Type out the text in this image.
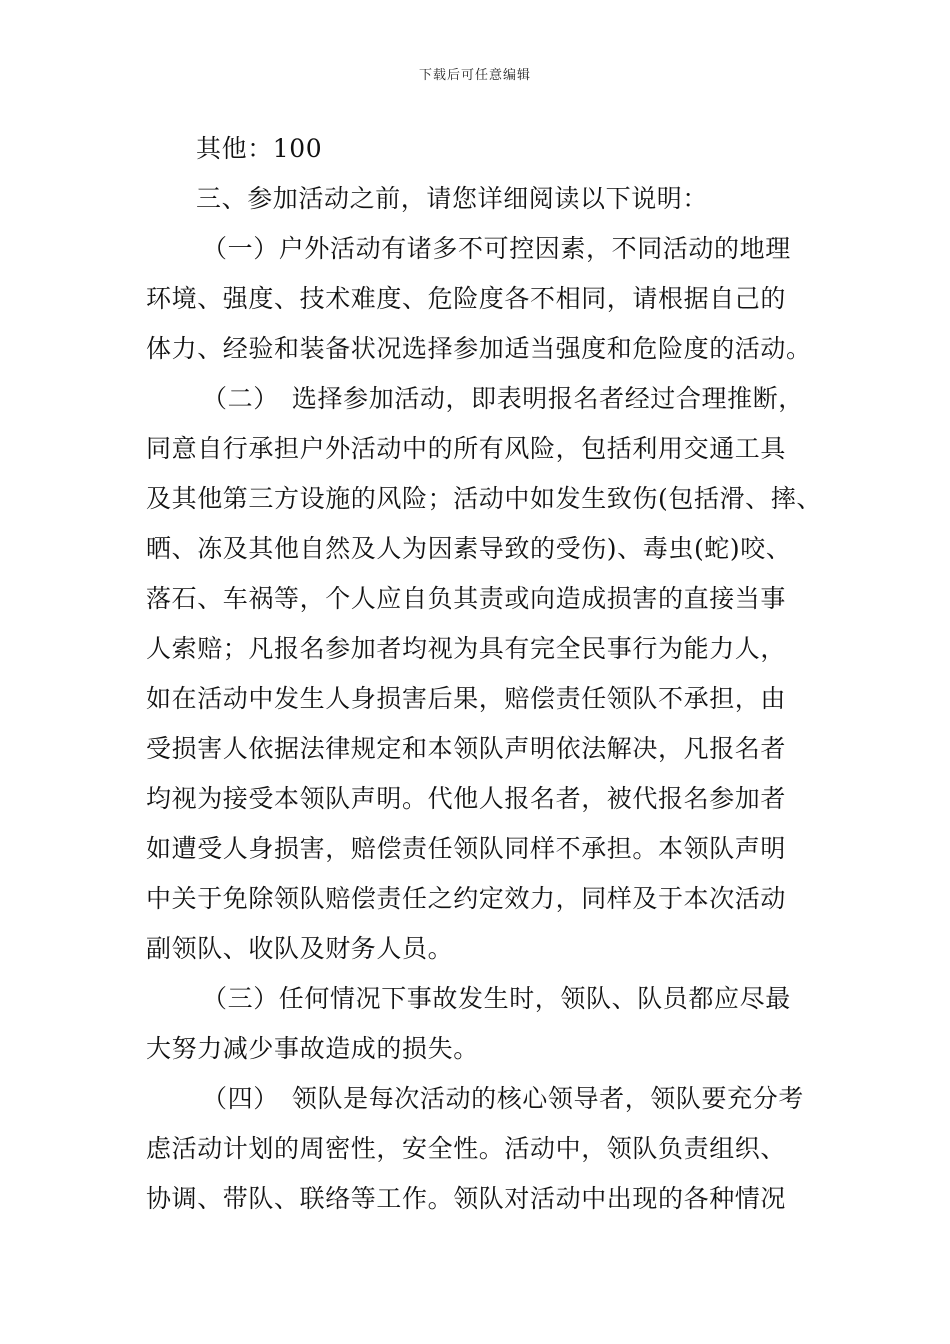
下载后可任意编辑
其他：100
三、参加活动之前，请您详细阅读以下说明：
（一）户外活动有诸多不可控因素，不同活动的地理
环境、强度、技术难度、危险度各不相同，请根据自己的
体力、经验和装备状况选择参加适当强度和危险度的活动。
（二）　选择参加活动，即表明报名者经过合理推断，
同意自行承担户外活动中的所有风险，包括利用交通工具
及其他第三方设施的风险；活动中如发生致伤(包括滑、摔、
晒、冻及其他自然及人为因素导致的受伤)、毒虫(蛇)咬、
落石、车祸等，个人应自负其责或向造成损害的直接当事
人索赔；凡报名参加者均视为具有完全民事行为能力人，
如在活动中发生人身损害后果，赔偿责任领队不承担，由
受损害人依据法律规定和本领队声明依法解决，凡报名者
均视为接受本领队声明。代他人报名者，被代报名参加者
如遭受人身损害，赔偿责任领队同样不承担。本领队声明
中关于免除领队赔偿责任之约定效力，同样及于本次活动
副领队、收队及财务人员。
（三）任何情况下事故发生时，领队、队员都应尽最
大努力减少事故造成的损失。
（四）　领队是每次活动的核心领导者，领队要充分考
虑活动计划的周密性，安全性。活动中，领队负责组织、
协调、带队、联络等工作。领队对活动中出现的各种情况
